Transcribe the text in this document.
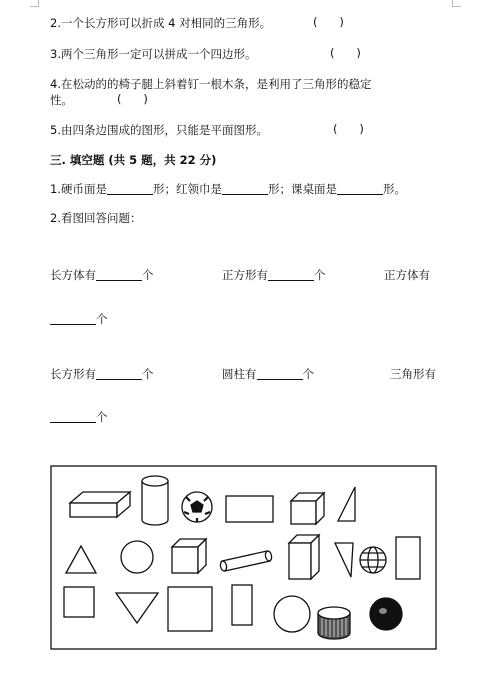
2.一个长方形可以折成 4 对相同的三角形。	(      )
3.两个三角形一定可以拼成一个四边形。	(      )
4.在松动的的椅子腿上斜着钉一根木条，是利用了三角形的稳定
性。	(      )
5.由四条边围成的图形，只能是平面图形。	(      )
三. 填空题 (共 5 题，共 22 分)
1.硬币面是	形；红领巾是	形；课桌面是	形。
2.看图回答问题：
长方体有	个	正方形有	个	正方体有
个
长方形有	个	圆柱有	个	三角形有
个
